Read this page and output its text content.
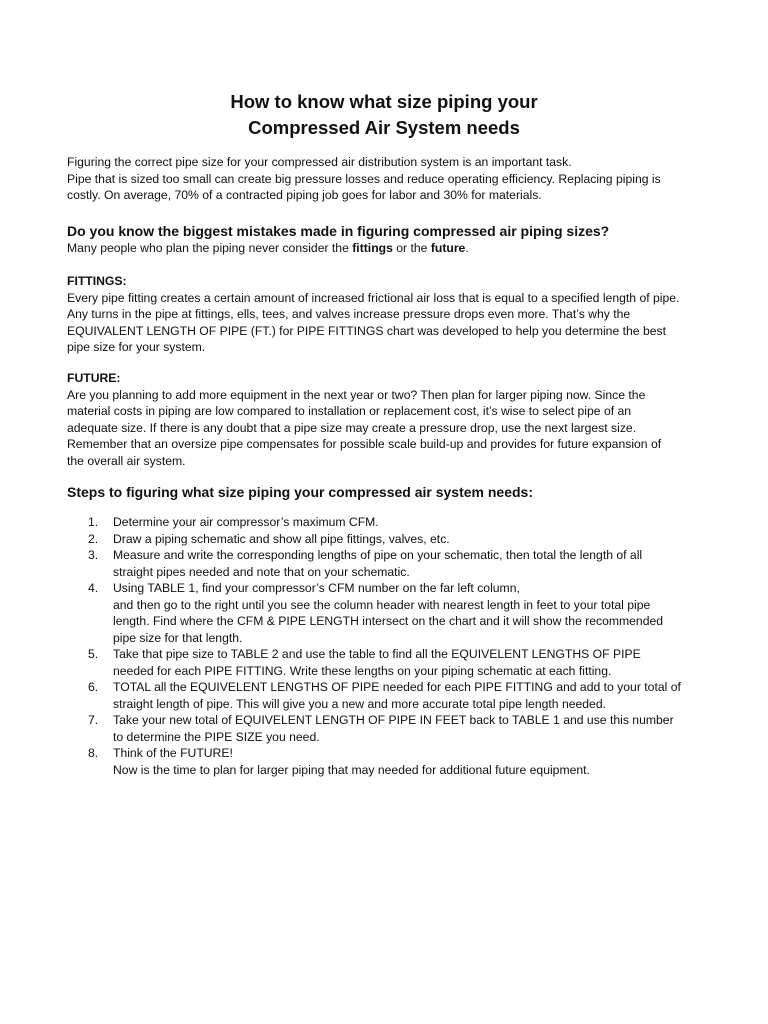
How to know what size piping your
Compressed Air System needs

Figuring the correct pipe size for your compressed air distribution system is an important task.

Pipe that is sized too small can create big pressure losses and reduce operating efficiency. Replacing piping is

costly. On average, 70% of a contracted piping job goes for labor and 30% for materials.

Do you know the biggest mistakes made in figuring compressed air piping sizes?

Many people who plan the piping never consider the fittings or the future.

FITTINGS:

Every pipe fitting creates a certain amount of increased frictional air loss that is equal to a specified length of pipe.

Any turns in the pipe at fittings, ells, tees, and valves increase pressure drops even more. That’s why the

EQUIVALENT LENGTH OF PIPE (FT.) for PIPE FITTINGS chart was developed to help you determine the best

pipe size for your system.

FUTURE:

Are you planning to add more equipment in the next year or two? Then plan for larger piping now. Since the

material costs in piping are low compared to installation or replacement cost, it’s wise to select pipe of an

adequate size. If there is any doubt that a pipe size may create a pressure drop, use the next largest size.

Remember that an oversize pipe compensates for possible scale build-up and provides for future expansion of

the overall air system.

Steps to figuring what size piping your compressed air system needs:
1. Determine your air compressor’s maximum CFM.
2. Draw a piping schematic and show all pipe fittings, valves, etc.
3. Measure and write the corresponding lengths of pipe on your schematic, then total the length of all
straight pipes needed and note that on your schematic.
4. Using TABLE 1, find your compressor’s CFM number on the far left column,
and then go to the right until you see the column header with nearest length in feet to your total pipe
length. Find where the CFM & PIPE LENGTH intersect on the chart and it will show the recommended
pipe size for that length.
5. Take that pipe size to TABLE 2 and use the table to find all the EQUIVELENT LENGTHS OF PIPE
needed for each PIPE FITTING. Write these lengths on your piping schematic at each fitting.
6. TOTAL all the EQUIVELENT LENGTHS OF PIPE needed for each PIPE FITTING and add to your total of
straight length of pipe. This will give you a new and more accurate total pipe length needed.
7. Take your new total of EQUIVELENT LENGTH OF PIPE IN FEET back to TABLE 1 and use this number
to determine the PIPE SIZE you need.
8. Think of the FUTURE!
Now is the time to plan for larger piping that may needed for additional future equipment.
